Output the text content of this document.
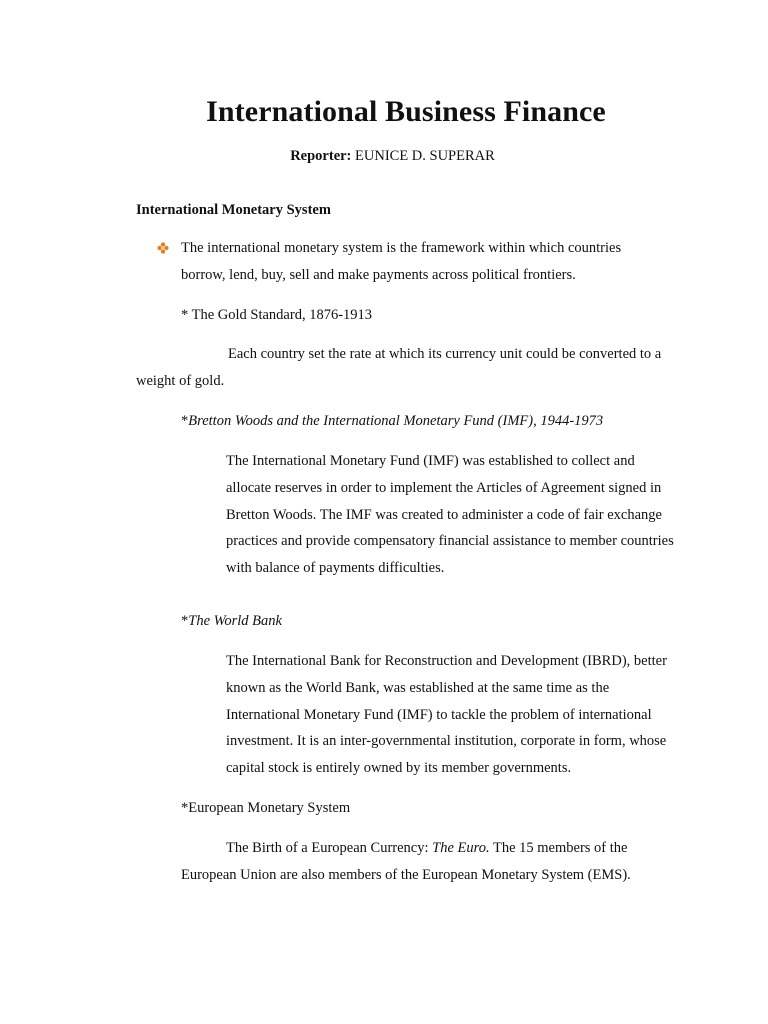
International Business Finance

Reporter: EUNICE D. SUPERAR

International Monetary System

The international monetary system is the framework within which countries borrow, lend, buy, sell and make payments across political frontiers.

* The Gold Standard, 1876-1913

Each country set the rate at which its currency unit could be converted to a weight of gold.

*Bretton Woods and the International Monetary Fund (IMF), 1944-1973

The International Monetary Fund (IMF) was established to collect and allocate reserves in order to implement the Articles of Agreement signed in Bretton Woods. The IMF was created to administer a code of fair exchange practices and provide compensatory financial assistance to member countries with balance of payments difficulties.

*The World Bank

The International Bank for Reconstruction and Development (IBRD), better known as the World Bank, was established at the same time as the International Monetary Fund (IMF) to tackle the problem of international investment. It is an inter-governmental institution, corporate in form, whose capital stock is entirely owned by its member governments.

*European Monetary System

The Birth of a European Currency: The Euro. The 15 members of the European Union are also members of the European Monetary System (EMS).
